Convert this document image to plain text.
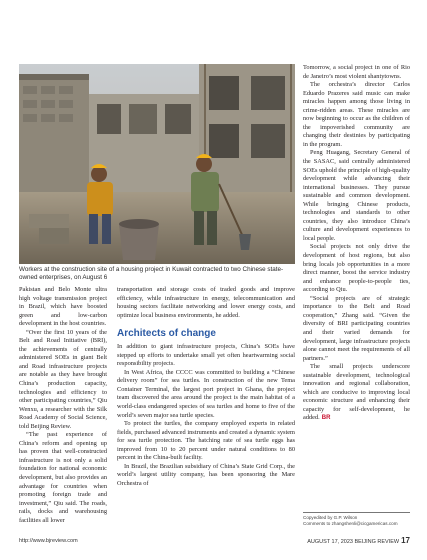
Workers at the construction site of a housing project in Kuwait contracted to two Chinese state-owned enterprises, on August 6

Pakistan and Belo Monte ultra high voltage transmission project in Brazil, which have boosted green and low-carbon development in the host countries.

“Over the first 10 years of the Belt and Road Initiative (BRI), the achievements of centrally administered SOEs in giant Belt and Road infrastructure projects are notable as they have brought China’s production capacity, technologies and efficiency to other participating countries,” Qiu Wenxu, a researcher with the Silk Road Academy of Social Science, told Beijing Review.

“The past experience of China’s reform and opening up has proven that well-constructed infrastructure is not only a solid foundation for national economic development, but also provides an advantage for countries when promoting foreign trade and investment,” Qiu said. The roads, rails, docks and warehousing facilities all lower

transportation and storage costs of traded goods and improve efficiency, while infrastructure in energy, telecommunication and housing sectors facilitate networking and lower energy costs, and optimize local business environments, he added.

Architects of change

In addition to giant infrastructure projects, China’s SOEs have stepped up efforts to undertake small yet often heartwarming social responsibility projects.

In West Africa, the CCCC was committed to building a “Chinese delivery room” for sea turtles. In construction of the new Tema Container Terminal, the largest port project in Ghana, the project team discovered the area around the project is the main habitat of a world-class endangered species of sea turtles and home to five of the world’s seven major sea turtle species.

To protect the turtles, the company employed experts in related fields, purchased advanced instruments and created a dynamic system for sea turtle protection. The hatching rate of sea turtle eggs has improved from 10 to 20 percent under natural conditions to 80 percent in the China-built facility.

In Brazil, the Brazilian subsidiary of China’s State Grid Corp., the world’s largest utility company, has been sponsoring the Mare Orchestra of

Tomorrow, a social project in one of Rio de Janeiro’s most violent shantytowns.

The orchestra’s director Carlos Eduardo Prazeres said music can make miracles happen among those living in crime-ridden areas. These miracles are now beginning to occur as the children of the impoverished community are changing their destinies by participating in the program.

Peng Huagang, Secretary General of the SASAC, said centrally administered SOEs uphold the principle of high-quality development while advancing their international businesses. They pursue sustainable and common development. While bringing Chinese products, technologies and standards to other countries, they also introduce China’s culture and development experiences to local people.

Social projects not only drive the development of host regions, but also bring locals job opportunities in a more direct manner, boost the service industry and enhance people-to-people ties, according to Qiu.

“Social projects are of strategic importance to the Belt and Road cooperation,” Zhang said. “Given the diversity of BRI participating countries and their varied demands for development, large infrastructure projects alone cannot meet the requirements of all partners.”

The small projects underscore sustainable development, technological innovation and regional collaboration, which are conducive to improving local economic structure and enhancing their capacity for self-development, he added. BR

Copyedited by G.P. Wilson
Comments to zhangshenli@cicgamericas.com
http://www.bjreview.com	AUGUST 17, 2023 BEIJING REVIEW 17
